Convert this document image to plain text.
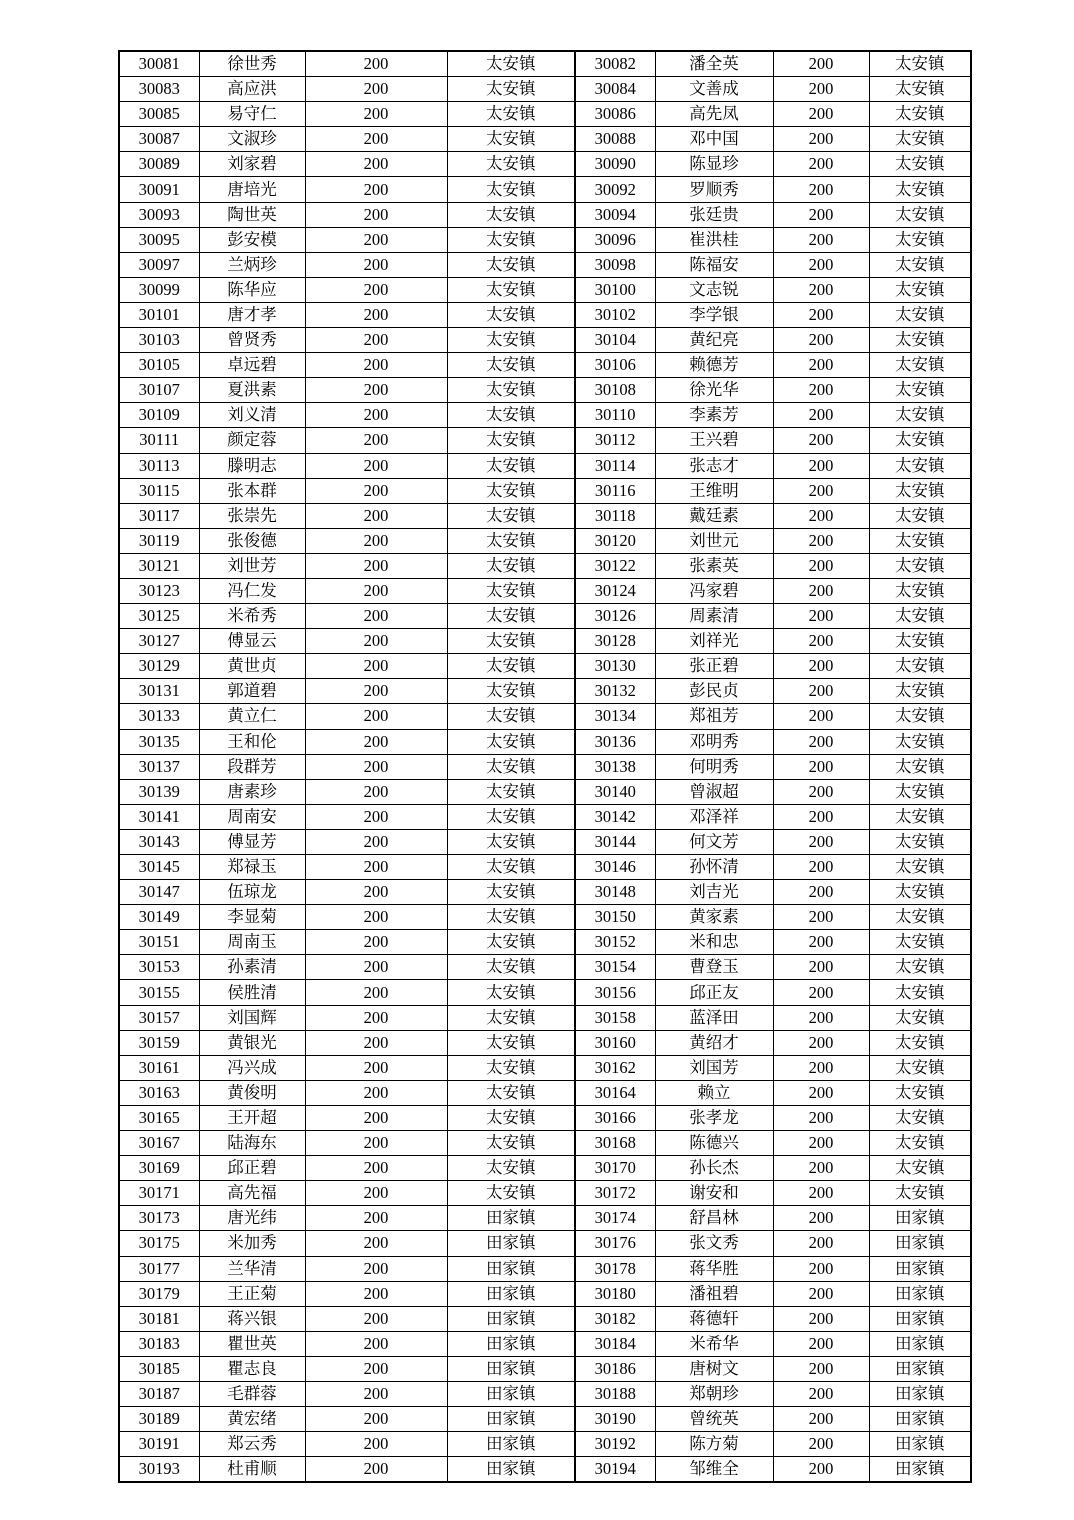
30081	徐世秀	200	太安镇	30082	潘全英	200	太安镇
30083	高应洪	200	太安镇	30084	文善成	200	太安镇
30085	易守仁	200	太安镇	30086	高先凤	200	太安镇
30087	文淑珍	200	太安镇	30088	邓中国	200	太安镇
30089	刘家碧	200	太安镇	30090	陈显珍	200	太安镇
30091	唐培光	200	太安镇	30092	罗顺秀	200	太安镇
30093	陶世英	200	太安镇	30094	张廷贵	200	太安镇
30095	彭安模	200	太安镇	30096	崔洪桂	200	太安镇
30097	兰炳珍	200	太安镇	30098	陈福安	200	太安镇
30099	陈华应	200	太安镇	30100	文志锐	200	太安镇
30101	唐才孝	200	太安镇	30102	李学银	200	太安镇
30103	曾贤秀	200	太安镇	30104	黄纪亮	200	太安镇
30105	卓远碧	200	太安镇	30106	赖德芳	200	太安镇
30107	夏洪素	200	太安镇	30108	徐光华	200	太安镇
30109	刘义清	200	太安镇	30110	李素芳	200	太安镇
30111	颜定蓉	200	太安镇	30112	王兴碧	200	太安镇
30113	滕明志	200	太安镇	30114	张志才	200	太安镇
30115	张本群	200	太安镇	30116	王维明	200	太安镇
30117	张崇先	200	太安镇	30118	戴廷素	200	太安镇
30119	张俊德	200	太安镇	30120	刘世元	200	太安镇
30121	刘世芳	200	太安镇	30122	张素英	200	太安镇
30123	冯仁发	200	太安镇	30124	冯家碧	200	太安镇
30125	米希秀	200	太安镇	30126	周素清	200	太安镇
30127	傅显云	200	太安镇	30128	刘祥光	200	太安镇
30129	黄世贞	200	太安镇	30130	张正碧	200	太安镇
30131	郭道碧	200	太安镇	30132	彭民贞	200	太安镇
30133	黄立仁	200	太安镇	30134	郑祖芳	200	太安镇
30135	王和伦	200	太安镇	30136	邓明秀	200	太安镇
30137	段群芳	200	太安镇	30138	何明秀	200	太安镇
30139	唐素珍	200	太安镇	30140	曾淑超	200	太安镇
30141	周南安	200	太安镇	30142	邓泽祥	200	太安镇
30143	傅显芳	200	太安镇	30144	何文芳	200	太安镇
30145	郑禄玉	200	太安镇	30146	孙怀清	200	太安镇
30147	伍琼龙	200	太安镇	30148	刘吉光	200	太安镇
30149	李显菊	200	太安镇	30150	黄家素	200	太安镇
30151	周南玉	200	太安镇	30152	米和忠	200	太安镇
30153	孙素清	200	太安镇	30154	曹登玉	200	太安镇
30155	侯胜清	200	太安镇	30156	邱正友	200	太安镇
30157	刘国辉	200	太安镇	30158	蓝泽田	200	太安镇
30159	黄银光	200	太安镇	30160	黄绍才	200	太安镇
30161	冯兴成	200	太安镇	30162	刘国芳	200	太安镇
30163	黄俊明	200	太安镇	30164	赖立	200	太安镇
30165	王开超	200	太安镇	30166	张孝龙	200	太安镇
30167	陆海东	200	太安镇	30168	陈德兴	200	太安镇
30169	邱正碧	200	太安镇	30170	孙长杰	200	太安镇
30171	高先福	200	太安镇	30172	谢安和	200	太安镇
30173	唐光纬	200	田家镇	30174	舒昌林	200	田家镇
30175	米加秀	200	田家镇	30176	张文秀	200	田家镇
30177	兰华清	200	田家镇	30178	蒋华胜	200	田家镇
30179	王正菊	200	田家镇	30180	潘祖碧	200	田家镇
30181	蒋兴银	200	田家镇	30182	蒋德轩	200	田家镇
30183	瞿世英	200	田家镇	30184	米希华	200	田家镇
30185	瞿志良	200	田家镇	30186	唐树文	200	田家镇
30187	毛群蓉	200	田家镇	30188	郑朝珍	200	田家镇
30189	黄宏绪	200	田家镇	30190	曾统英	200	田家镇
30191	郑云秀	200	田家镇	30192	陈方菊	200	田家镇
30193	杜甫顺	200	田家镇	30194	邹维全	200	田家镇
